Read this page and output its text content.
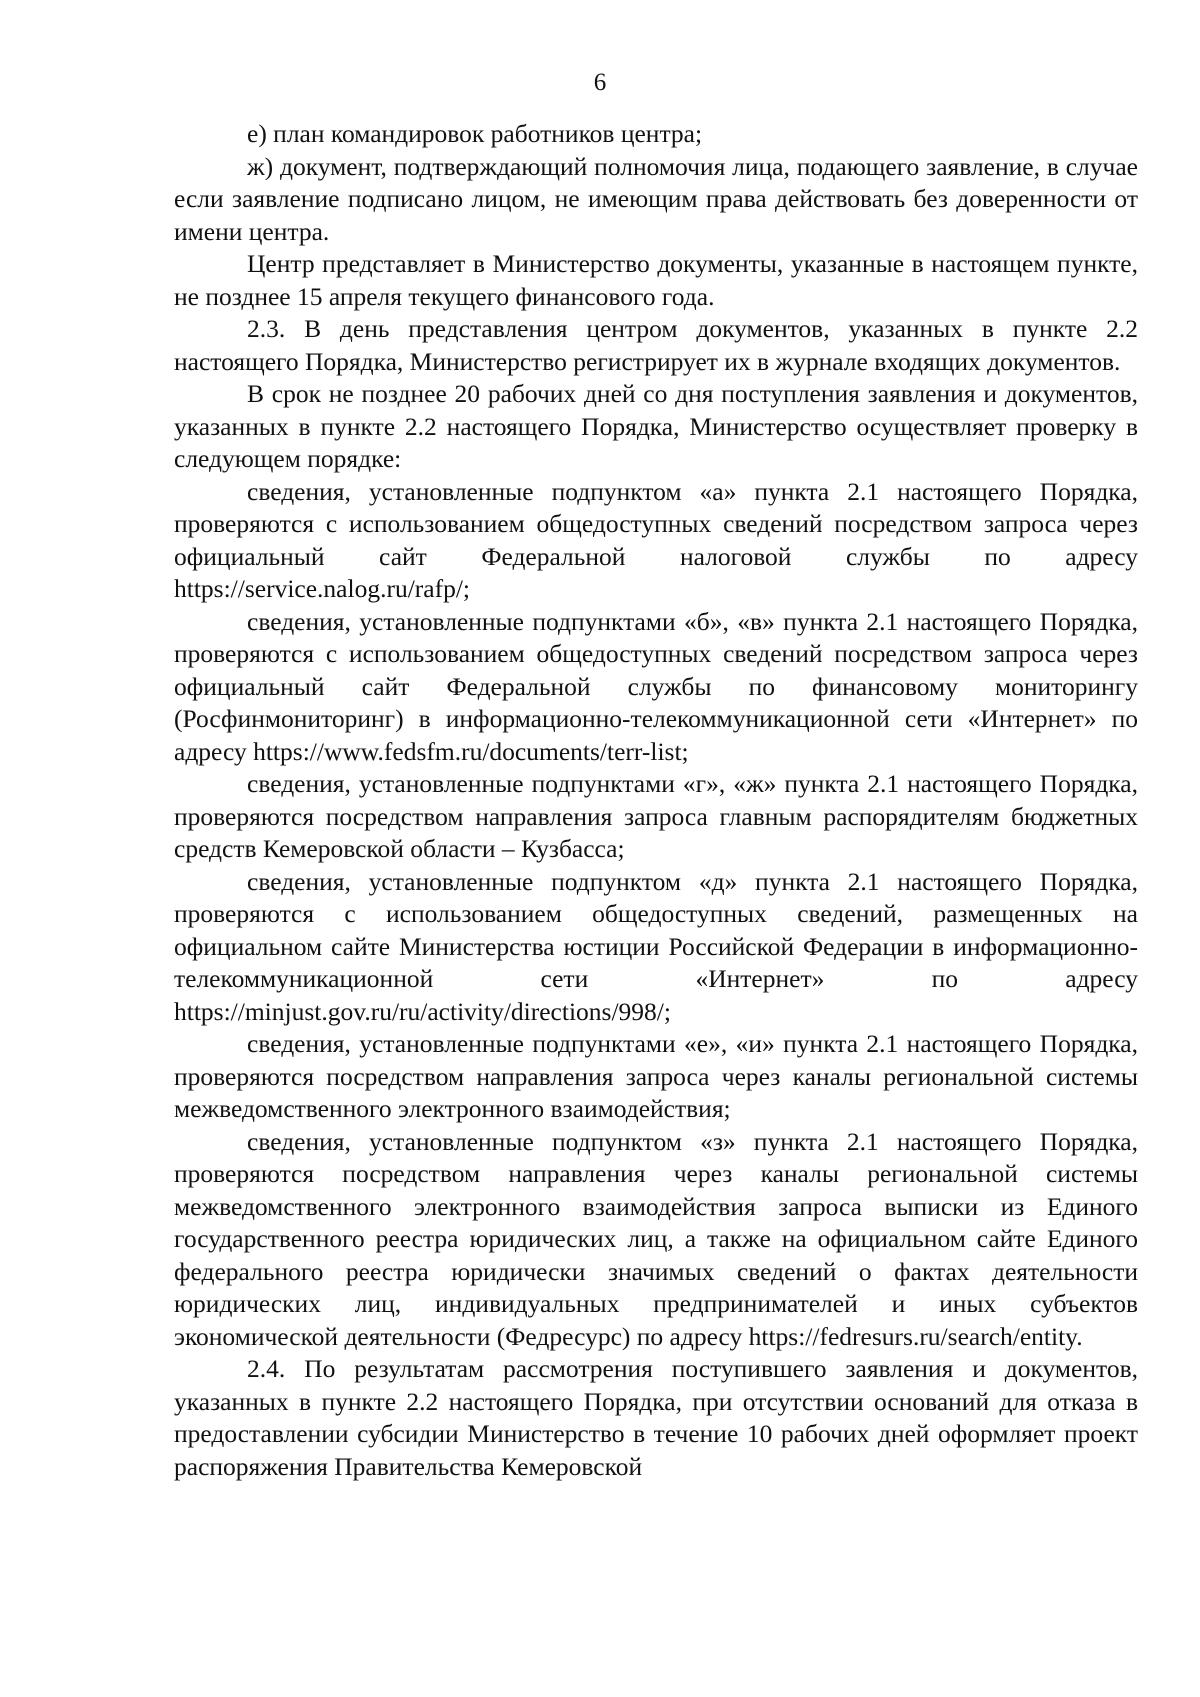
6

е) план командировок работников центра;

ж) документ, подтверждающий полномочия лица, подающего заявление, в случае если заявление подписано лицом, не имеющим права действовать без доверенности от имени центра.

Центр представляет в Министерство документы, указанные в настоящем пункте, не позднее 15 апреля текущего финансового года.

2.3. В день представления центром документов, указанных в пункте 2.2 настоящего Порядка, Министерство регистрирует их в журнале входящих документов.

В срок не позднее 20 рабочих дней со дня поступления заявления и документов, указанных в пункте 2.2 настоящего Порядка, Министерство осуществляет проверку в следующем порядке:

сведения, установленные подпунктом «а» пункта 2.1 настоящего Порядка, проверяются с использованием общедоступных сведений посредством запроса через официальный сайт Федеральной налоговой службы по адресу https://service.nalog.ru/rafp/;

сведения, установленные подпунктами «б», «в» пункта 2.1 настоящего Порядка, проверяются с использованием общедоступных сведений посредством запроса через официальный сайт Федеральной службы по финансовому мониторингу (Росфинмониторинг) в информационно-телекоммуникационной сети «Интернет» по адресу https://www.fedsfm.ru/documents/terr-list;

сведения, установленные подпунктами «г», «ж» пункта 2.1 настоящего Порядка, проверяются посредством направления запроса главным распорядителям бюджетных средств Кемеровской области – Кузбасса;

сведения, установленные подпунктом «д» пункта 2.1 настоящего Порядка, проверяются с использованием общедоступных сведений, размещенных на официальном сайте Министерства юстиции Российской Федерации в информационно-телекоммуникационной сети «Интернет» по адресу https://minjust.gov.ru/ru/activity/directions/998/;

сведения, установленные подпунктами «е», «и» пункта 2.1 настоящего Порядка, проверяются посредством направления запроса через каналы региональной системы межведомственного электронного взаимодействия;

сведения, установленные подпунктом «з» пункта 2.1 настоящего Порядка, проверяются посредством направления через каналы региональной системы межведомственного электронного взаимодействия запроса выписки из Единого государственного реестра юридических лиц, а также на официальном сайте Единого федерального реестра юридически значимых сведений о фактах деятельности юридических лиц, индивидуальных предпринимателей и иных субъектов экономической деятельности (Федресурс) по адресу https://fedresurs.ru/search/entity.

2.4. По результатам рассмотрения поступившего заявления и документов, указанных в пункте 2.2 настоящего Порядка, при отсутствии оснований для отказа в предоставлении субсидии Министерство в течение 10 рабочих дней оформляет проект распоряжения Правительства Кемеровской
